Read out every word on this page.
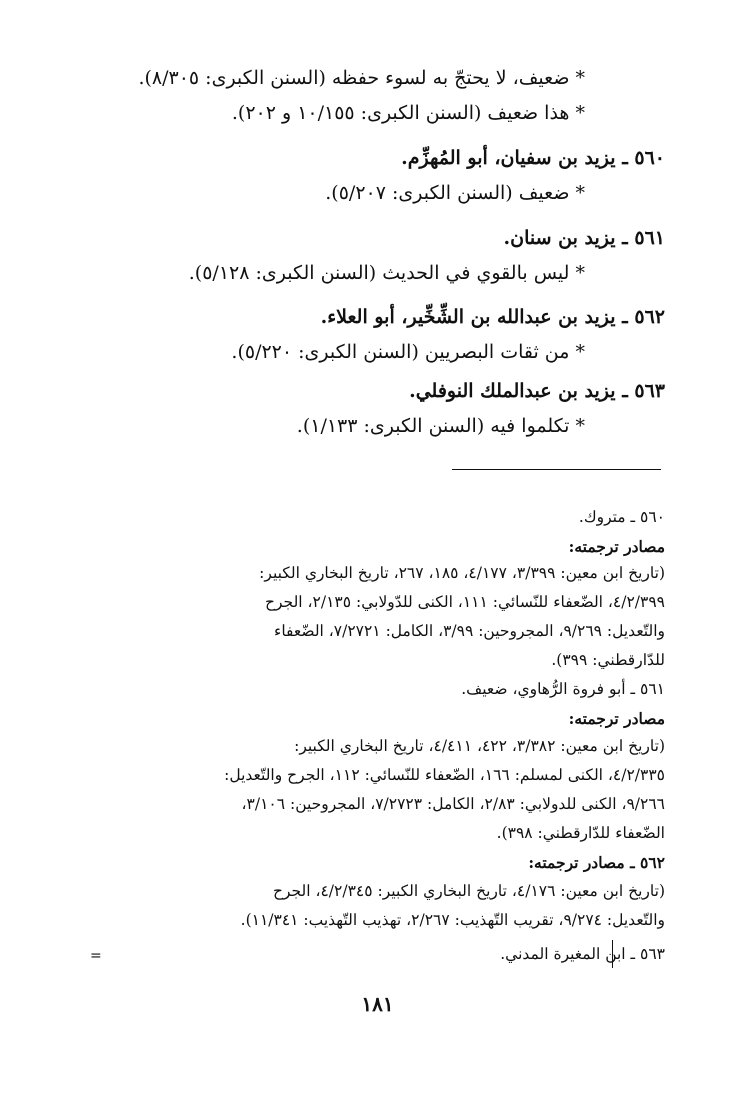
* ضعيف، لا يحتجّ به لسوء حفظه (السنن الكبرى: ٨/٣٠٥).
* هذا ضعيف (السنن الكبرى: ١٠/١٥٥ و ٢٠٢).
٥٦٠ ـ يزيد بن سفيان، أبو المُهزِّم.
* ضعيف (السنن الكبرى: ٥/٢٠٧).
٥٦١ ـ يزيد بن سنان.
* ليس بالقوي في الحديث (السنن الكبرى: ٥/١٢٨).
٥٦٢ ـ يزيد بن عبدالله بن الشِّخِّير، أبو العلاء.
* من ثقات البصريين (السنن الكبرى: ٥/٢٢٠).
٥٦٣ ـ يزيد بن عبدالملك النوفلي.
* تكلموا فيه (السنن الكبرى: ١/١٣٣).
٥٦٠ ـ متروك.
مصادر ترجمته:
(تاريخ ابن معين: ٣/٣٩٩، ٤/١٧٧، ١٨٥، ٢٦٧، تاريخ البخاري الكبير:
٤/٢/٣٩٩، الضّعفاء للنّسائي: ١١١، الكنى للدّولابي: ٢/١٣٥، الجرح
والتّعديل: ٩/٢٦٩، المجروحين: ٣/٩٩، الكامل: ٧/٢٧٢١، الضّعفاء
للدّارقطني: ٣٩٩).
٥٦١ ـ أبو فروة الرُّهاوي، ضعيف.
مصادر ترجمته:
(تاريخ ابن معين: ٣/٣٨٢، ٤٢٢، ٤/٤١١، تاريخ البخاري الكبير:
٤/٢/٣٣٥، الكنى لمسلم: ١٦٦، الضّعفاء للنّسائي: ١١٢، الجرح والتّعديل:
٩/٢٦٦، الكنى للدولابي: ٢/٨٣، الكامل: ٧/٢٧٢٣، المجروحين: ٣/١٠٦،
الضّعفاء للدّارقطني: ٣٩٨).
٥٦٢ ـ مصادر ترجمته:
(تاريخ ابن معين: ٤/١٧٦، تاريخ البخاري الكبير: ٤/٢/٣٤٥، الجرح
والتّعديل: ٩/٢٧٤، تقريب التّهذيب: ٢/٢٦٧، تهذيب التّهذيب: ١١/٣٤١).
٥٦٣ ـ ابن المغيرة المدني.
=
١٨١
